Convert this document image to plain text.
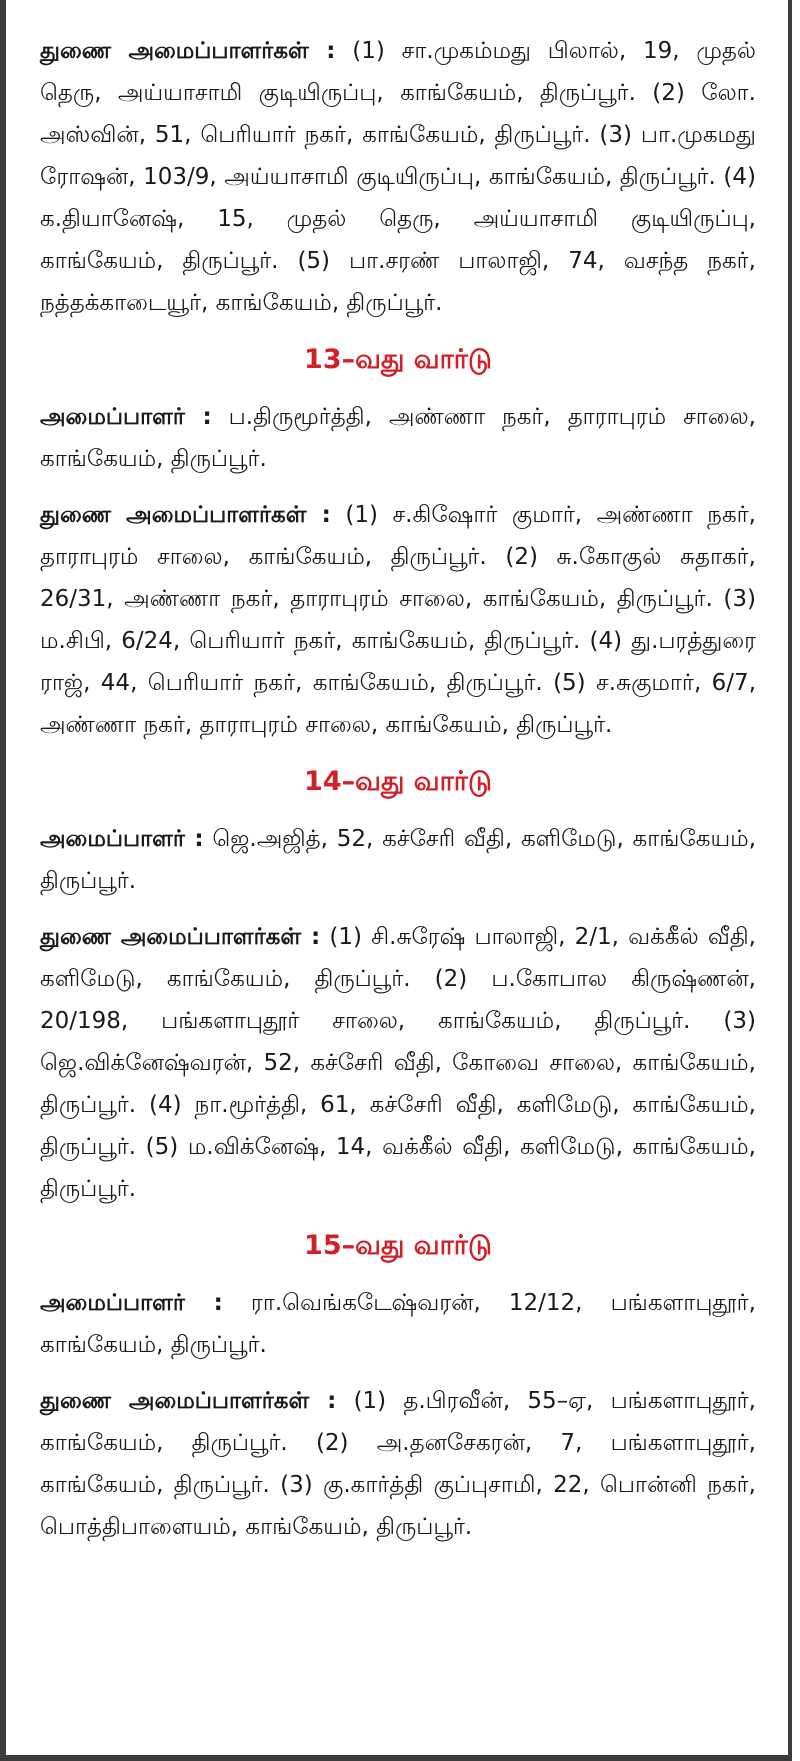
துணை அமைப்பாளர்கள் : (1) சா.முகம்மது பிலால், 19, முதல் தெரு, அய்யாசாமி குடியிருப்பு, காங்கேயம், திருப்பூர். (2) லோ. அஸ்வின், 51, பெரியார் நகர், காங்கேயம், திருப்பூர். (3) பா.முகமது ரோஷன், 103/9, அய்யாசாமி குடியிருப்பு, காங்கேயம், திருப்பூர். (4) க.தியானேஷ், 15, முதல் தெரு, அய்யாசாமி குடியிருப்பு, காங்கேயம், திருப்பூர். (5) பா.சரண் பாலாஜி, 74, வசந்த நகர், நத்தக்காடையூர், காங்கேயம், திருப்பூர்.

13–வது வார்டு

அமைப்பாளர் : ப.திருமூர்த்தி, அண்ணா நகர், தாராபுரம் சாலை, காங்கேயம், திருப்பூர்.

துணை அமைப்பாளர்கள் : (1) ச.கிஷோர் குமார், அண்ணா நகர், தாராபுரம் சாலை, காங்கேயம், திருப்பூர். (2) சு.கோகுல் சுதாகர், 26/31, அண்ணா நகர், தாராபுரம் சாலை, காங்கேயம், திருப்பூர். (3) ம.சிபி, 6/24, பெரியார் நகர், காங்கேயம், திருப்பூர். (4) து.பரத்துரை ராஜ், 44, பெரியார் நகர், காங்கேயம், திருப்பூர். (5) ச.சுகுமார், 6/7, அண்ணா நகர், தாராபுரம் சாலை, காங்கேயம், திருப்பூர்.

14–வது வார்டு

அமைப்பாளர் : ஜெ.அஜித், 52, கச்சேரி வீதி, களிமேடு, காங்கேயம், திருப்பூர்.

துணை அமைப்பாளர்கள் : (1) சி.சுரேஷ் பாலாஜி, 2/1, வக்கீல் வீதி, களிமேடு, காங்கேயம், திருப்பூர். (2) ப.கோபால கிருஷ்ணன், 20/198, பங்களாபுதூர் சாலை, காங்கேயம், திருப்பூர். (3) ஜெ.விக்னேஷ்வரன், 52, கச்சேரி வீதி, கோவை சாலை, காங்கேயம், திருப்பூர். (4) நா.மூர்த்தி, 61, கச்சேரி வீதி, களிமேடு, காங்கேயம், திருப்பூர். (5) ம.விக்னேஷ், 14, வக்கீல் வீதி, களிமேடு, காங்கேயம், திருப்பூர்.

15–வது வார்டு

அமைப்பாளர் : ரா.வெங்கடேஷ்வரன், 12/12, பங்களாபுதூர், காங்கேயம், திருப்பூர்.

துணை அமைப்பாளர்கள் : (1) த.பிரவீன், 55–ஏ, பங்களாபுதூர், காங்கேயம், திருப்பூர். (2) அ.தனசேகரன், 7, பங்களாபுதூர், காங்கேயம், திருப்பூர். (3) கு.கார்த்தி குப்புசாமி, 22, பொன்னி நகர், பொத்திபாளையம், காங்கேயம், திருப்பூர்.
